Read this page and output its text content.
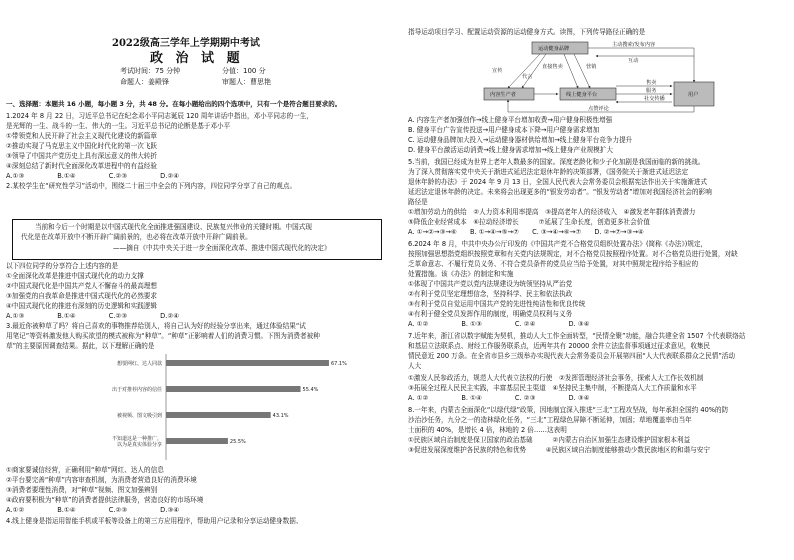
2022级高三学年上学期期中考试
政 治 试 题
考试时间：75 分钟	分值：100 分
命题人：姜殿锋	审题人：曹思艳
一、选择题：本题共 16 小题，每小题 3 分，共 48 分。在每小题给出的四个选项中，只有一个是符合题目要求的。
1.2024 年 8 月 22 日，习近平总书记在纪念邓小平同志诞辰 120 周年讲话中指出，邓小平同志的一生，
是光辉的一生、战斗的一生、伟大的一生。习近平总书记的论断是基于邓小平
①带领党和人民开辟了社会主义现代化建设的新篇章
②推动实现了马克思主义中国化时代化的第一次飞跃
③领导了中国共产党历史上具有深远意义的伟大转折
④深刻总结了新时代全面深化改革进程中的有益经验
A.①③　　　　　B.①④　　　　　C.②③　　　　　D.②④
2.某校学生在“研究性学习”活动中，围绕二十届三中全会的下列内容，四位同学分享了自己的观点。
当前和今后一个时期是以中国式现代化全面推进强国建设、民族复兴伟业的关键时期。中国式现
代化是在改革开放中不断开辟广阔前景的，也必将在改革开放中开辟广阔前景。
——摘自《中共中央关于进一步全面深化改革、推进中国式现代化的决定》
以下四位同学的分享符合上述内容的是
①全面深化改革是推进中国式现代化的动力支撑
②中国式现代化是中国共产党人不懈奋斗的最高理想
③加强党的自我革命是推进中国式现代化的必然要求
④中国式现代化的推进有深刻的历史逻辑和实践逻辑
A.①③　　　　　B.①④　　　　　C.②③　　　　　D.②④
3.最近你被种草了吗？将自己喜欢的事物推荐给别人，将自己认为好的经验分享出来，通过体验结果“试
用笔记”等资料激发他人购买欲望的模式被称为“种草”。“种草”正影响着人们的消费习惯。下图为消费者被种
草”的主要原因调查结果。据此，以下理解正确的是
想要网红、达人同款	67.1%
出于对推荐内容的信任	55.4%
被视频、图文吸引到	43.1%
不知道这是一种推广，
以为是真实体验分享	25.5%
①商家要诚信经营，正确利用“种草”网红、达人的信息
②平台要完善“种草”内容审查机制，为消费者营造良好的消费环境
③消费者要理性消费，对“种草”视频、图文加强辨别
④政府要积极为“种草”的消费者提供法律服务，营造良好的市场环境
A.①②　　　　　B.①④　　　　　C.②③　　　　　D.③④
4.线上健身是指运用智能手机或平板等设备上的第三方应用程序，帮助用户记录和分享运动健身数据、
指导运动项目学习、配置运动资源的运动健身方式。读图，下列传导路径正确的是
运动健身品牌
线上健身平台
内容生产者	用户
主动搜索/发布内容
互动
宣传
代言
直接售卖	营销
售卖
服务
社交传播
点赞评论
A. 内容生产者加强创作→线上健身平台增加收费→用户健身积极性增强
B. 健身平台广告宣传投送→用户健身成本下降→用户健身需求增加
C. 运动健身品牌加大投入→运动健身器材供给增加→线上健身平台竞争力提升
D. 健身平台激活运动消费→线上健身需求增加→线上健身产业规模扩大
5.当前，我国已经成为世界上老年人数最多的国家。深度老龄化和少子化加剧是我国面临的新的挑战。
为了深入贯彻落实党中央关于渐进式延迟法定退休年龄的决策部署，《国务院关于渐进式延迟法定
退休年龄的办法》于 2024 年 9 月 13 日，全国人民代表大会常务委员会根据宪法作出关于实施渐进式
延迟法定退休年龄的决定。未来将会出现更多的“银发劳动者”。“银发劳动者”增加对我国经济社会的影响
路径是
①增加劳动力的供给　②人力资本利用率提高　③提高老年人的经济收入　④激发老年群体消费潜力
⑤降低企业经营成本　⑥拉动经济增长　　　⑦延展了生命长度，创造更多社会价值
A. ①→②→③→⑥　　B. ①→④→⑤→⑦　　C. ③→④→⑥→⑦　　D. ②→⑦→③→④
6.2024 年 8 月，中共中央办公厅印发的《中国共产党不合格党员组织处置办法》(简称《办法》)规定，
按照加强思想指党组织按照党章和有关党内法规规定，对不合格党员按照程序处置。对不合格党员进行处置，对缺
乏革命意志、不履行党员义务、不符合党员条件的党员应当给予处置，对其中照规定程序给予相应的
处置措施。该《办法》的制定和实施
①体现了中国共产党以党内法规建设为统领坚持从严治党
②有利于党员坚定理想信念，坚持科学、民主和依法执政
③有利于党员自觉运用中国共产党的先进性纯洁性和优良传统
④有利于健全党员发挥作用的制度，明确党员权利与义务
A. ①②　　　　　B. ①③　　　　　C. ②④　　　　　D. ③④
7.近年来，浙江省以数字赋能为契机，推动人大工作全面转型，“民情全聚”功能，融合共建全省 1507 个代表联络站
和基层立法联系点、财经工作服务联系点，近两年共有 20000 余件立法监督事项通过征求意见，收集民
情民意近 200 万条。在全省市县乡三级举办实现代表大会常务委员会开展第四届“人大代表联系群众之民情”活动
人大
①激发人民参政活力，规范人大代表立法权的行使　②发挥管理经济社会事务，探索人大工作长效机制
③拓展全过程人民民主实践，丰富基层民主渠道　④坚持民主集中制，不断提高人大工作质量和水平
A. ①②　　　　　B. ①④　　　　　C. ②③　　　　　D. ③④
8.一年来，内蒙古全面深化“以绿代绿”政策，因地制宜深入推进“三北”工程攻坚战，每年承担全国约 40%的防
沙治沙任务，九分之一的造林绿化任务，“三北”工程绿色屏障不断延伸，加固；草地覆盖率由当年
士面积的 40%，是增长 4 倍，林地的 2 倍……这表明
①民族区域自治制度是保卫国家的政治基础　　　②内蒙古自治区加强生态建设维护国家根本利益
③促进发展深度维护各民族的特色和优势　　　④民族区域自治制度能够推动少数民族地区的和谐与安宁
